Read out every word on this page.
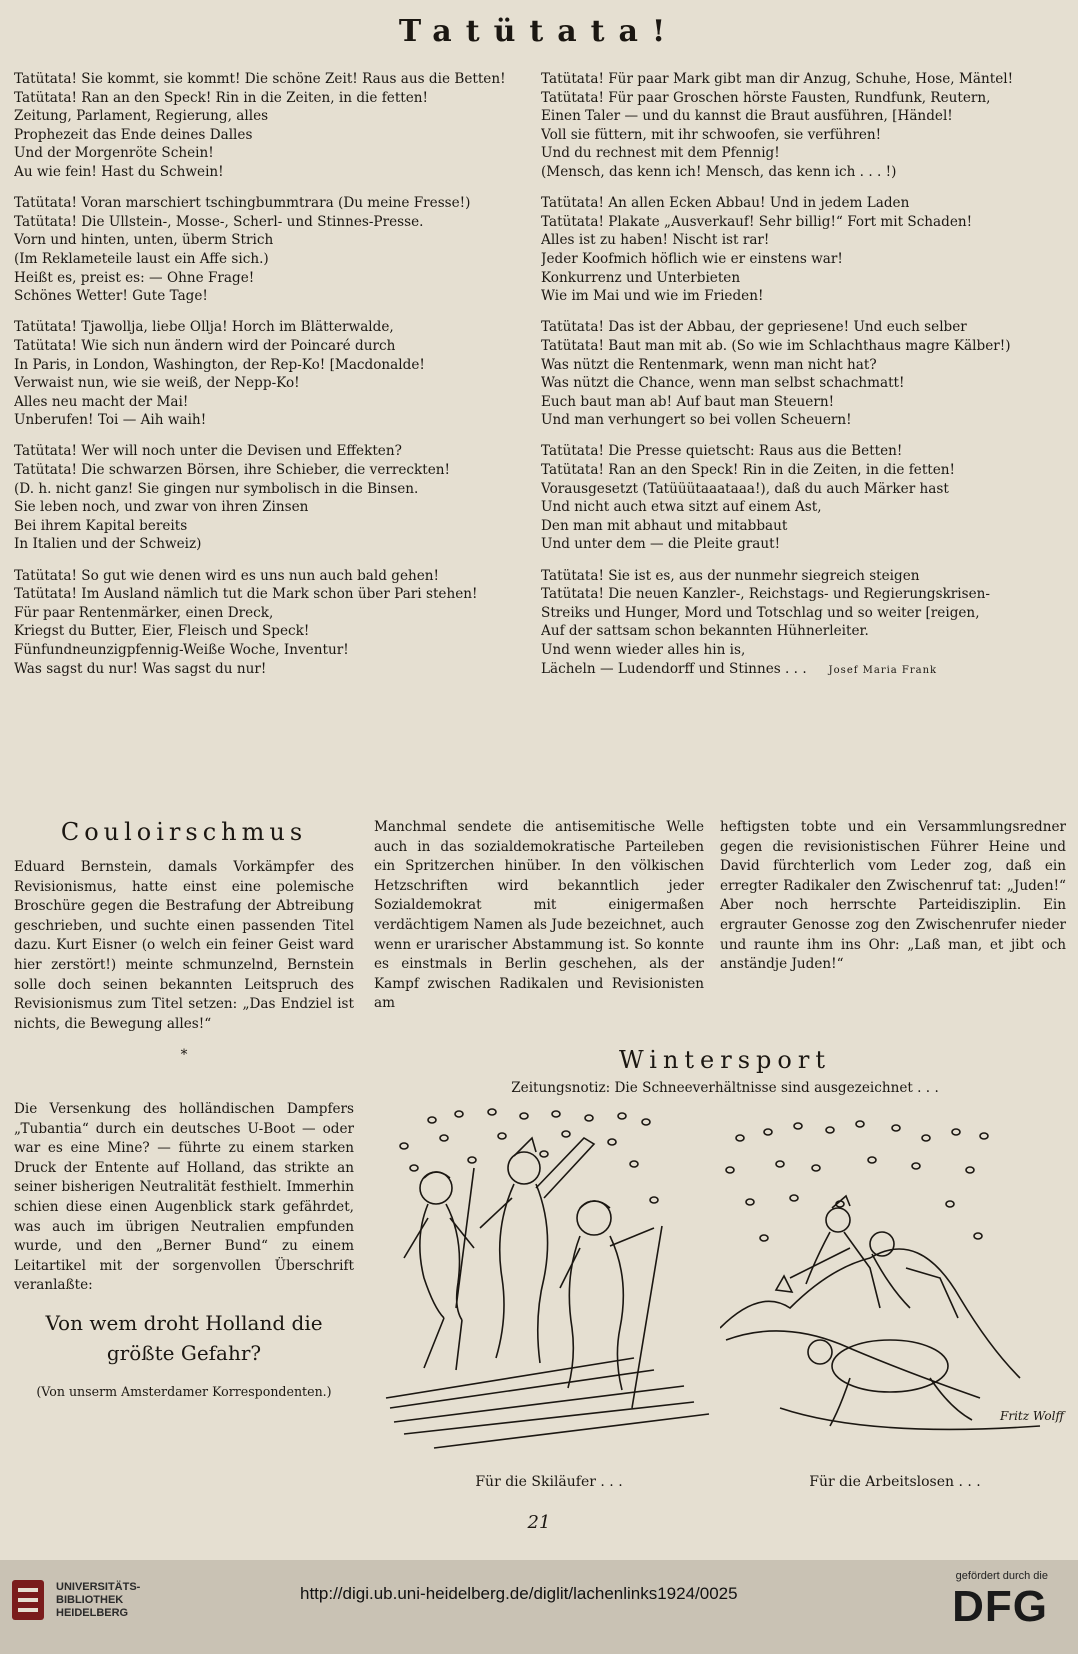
Tatütata!
Tatütata! Sie kommt, sie kommt! Die schöne Zeit! Raus aus die Betten!
Tatütata! Ran an den Speck! Rin in die Zeiten, in die fetten!
Zeitung, Parlament, Regierung, alles
Prophezeit das Ende deines Dalles
Und der Morgenröte Schein!
Au wie fein! Hast du Schwein!
Tatütata! Voran marschiert tschingbummtrara (Du meine Fresse!)
Tatütata! Die Ullstein-, Mosse-, Scherl- und Stinnes-Presse.
Vorn und hinten, unten, überm Strich
(Im Reklameteile laust ein Affe sich.)
Heißt es, preist es: — Ohne Frage!
Schönes Wetter! Gute Tage!
Tatütata! Tjawollja, liebe Ollja! Horch im Blätterwalde,
Tatütata! Wie sich nun ändern wird der Poincaré durch
In Paris, in London, Washington, der Rep-Ko! [Macdonalde!
Verwaist nun, wie sie weiß, der Nepp-Ko!
Alles neu macht der Mai!
Unberufen! Toi — Aih waih!
Tatütata! Wer will noch unter die Devisen und Effekten?
Tatütata! Die schwarzen Börsen, ihre Schieber, die verreckten!
(D. h. nicht ganz! Sie gingen nur symbolisch in die Binsen.
Sie leben noch, und zwar von ihren Zinsen
Bei ihrem Kapital bereits
In Italien und der Schweiz)
Tatütata! So gut wie denen wird es uns nun auch bald gehen!
Tatütata! Im Ausland nämlich tut die Mark schon über Pari stehen!
Für paar Rentenmärker, einen Dreck,
Kriegst du Butter, Eier, Fleisch und Speck!
Fünfundneunzigpfennig-Weiße Woche, Inventur!
Was sagst du nur! Was sagst du nur!
Tatütata! Für paar Mark gibt man dir Anzug, Schuhe, Hose, Mäntel!
Tatütata! Für paar Groschen hörste Fausten, Rundfunk, Reutern,
Einen Taler — und du kannst die Braut ausführen, [Händel!
Voll sie füttern, mit ihr schwoofen, sie verführen!
Und du rechnest mit dem Pfennig!
(Mensch, das kenn ich! Mensch, das kenn ich . . . !)
Tatütata! An allen Ecken Abbau! Und in jedem Laden
Tatütata! Plakate „Ausverkauf! Sehr billig!“ Fort mit Schaden!
Alles ist zu haben! Nischt ist rar!
Jeder Koofmich höflich wie er einstens war!
Konkurrenz und Unterbieten
Wie im Mai und wie im Frieden!
Tatütata! Das ist der Abbau, der gepriesene! Und euch selber
Tatütata! Baut man mit ab. (So wie im Schlachthaus magre Kälber!)
Was nützt die Rentenmark, wenn man nicht hat?
Was nützt die Chance, wenn man selbst schachmatt!
Euch baut man ab! Auf baut man Steuern!
Und man verhungert so bei vollen Scheuern!
Tatütata! Die Presse quietscht: Raus aus die Betten!
Tatütata! Ran an den Speck! Rin in die Zeiten, in die fetten!
Vorausgesetzt (Tatüüütaaataaa!), daß du auch Märker hast
Und nicht auch etwa sitzt auf einem Ast,
Den man mit abhaut und mitabbaut
Und unter dem — die Pleite graut!
Tatütata! Sie ist es, aus der nunmehr siegreich steigen
Tatütata! Die neuen Kanzler-, Reichstags- und Regierungskrisen-
Streiks und Hunger, Mord und Totschlag und so weiter [reigen,
Auf der sattsam schon bekannten Hühnerleiter.
Und wenn wieder alles hin is,
Lächeln — Ludendorff und Stinnes . . . Josef Maria Frank
Couloirschmus
Eduard Bernstein, damals Vorkämpfer des Revisionismus, hatte einst eine polemische Broschüre gegen die Bestrafung der Abtreibung geschrieben, und suchte einen passenden Titel dazu. Kurt Eisner (o welch ein feiner Geist ward hier zerstört!) meinte schmunzelnd, Bernstein solle doch seinen bekannten Leitspruch des Revisionismus zum Titel setzen: „Das Endziel ist nichts, die Bewegung alles!“
*
Die Versenkung des holländischen Dampfers „Tubantia“ durch ein deutsches U-Boot — oder war es eine Mine? — führte zu einem starken Druck der Entente auf Holland, das strikte an seiner bisherigen Neutralität festhielt. Immerhin schien diese einen Augenblick stark gefährdet, was auch im übrigen Neutralien empfunden wurde, und den „Berner Bund“ zu einem Leitartikel mit der sorgenvollen Überschrift veranlaßte:
Von wem droht Holland die größte Gefahr?
(Von unserm Amsterdamer Korrespondenten.)
Manchmal sendete die antisemitische Welle auch in das sozialdemokratische Parteileben ein Spritzerchen hinüber. In den völkischen Hetzschriften wird bekanntlich jeder Sozialdemokrat mit einigermaßen verdächtigem Namen als Jude bezeichnet, auch wenn er urarischer Abstammung ist. So konnte es einstmals in Berlin geschehen, als der Kampf zwischen Radikalen und Revisionisten am
heftigsten tobte und ein Versammlungsredner gegen die revisionistischen Führer Heine und David fürchterlich vom Leder zog, daß ein erregter Radikaler den Zwischenruf tat: „Juden!“ Aber noch herrschte Parteidisziplin. Ein ergrauter Genosse zog den Zwischenrufer nieder und raunte ihm ins Ohr: „Laß man, et jibt och anständje Juden!“
Wintersport
Zeitungsnotiz: Die Schneeverhältnisse sind ausgezeichnet . . .
Fritz Wolff
Für die Skiläufer . . .	Für die Arbeitslosen . . .
21
UNIVERSITÄTS-
BIBLIOTHEK
HEIDELBERG
http://digi.ub.uni-heidelberg.de/diglit/lachenlinks1924/0025
gefördert durch die
DFG
